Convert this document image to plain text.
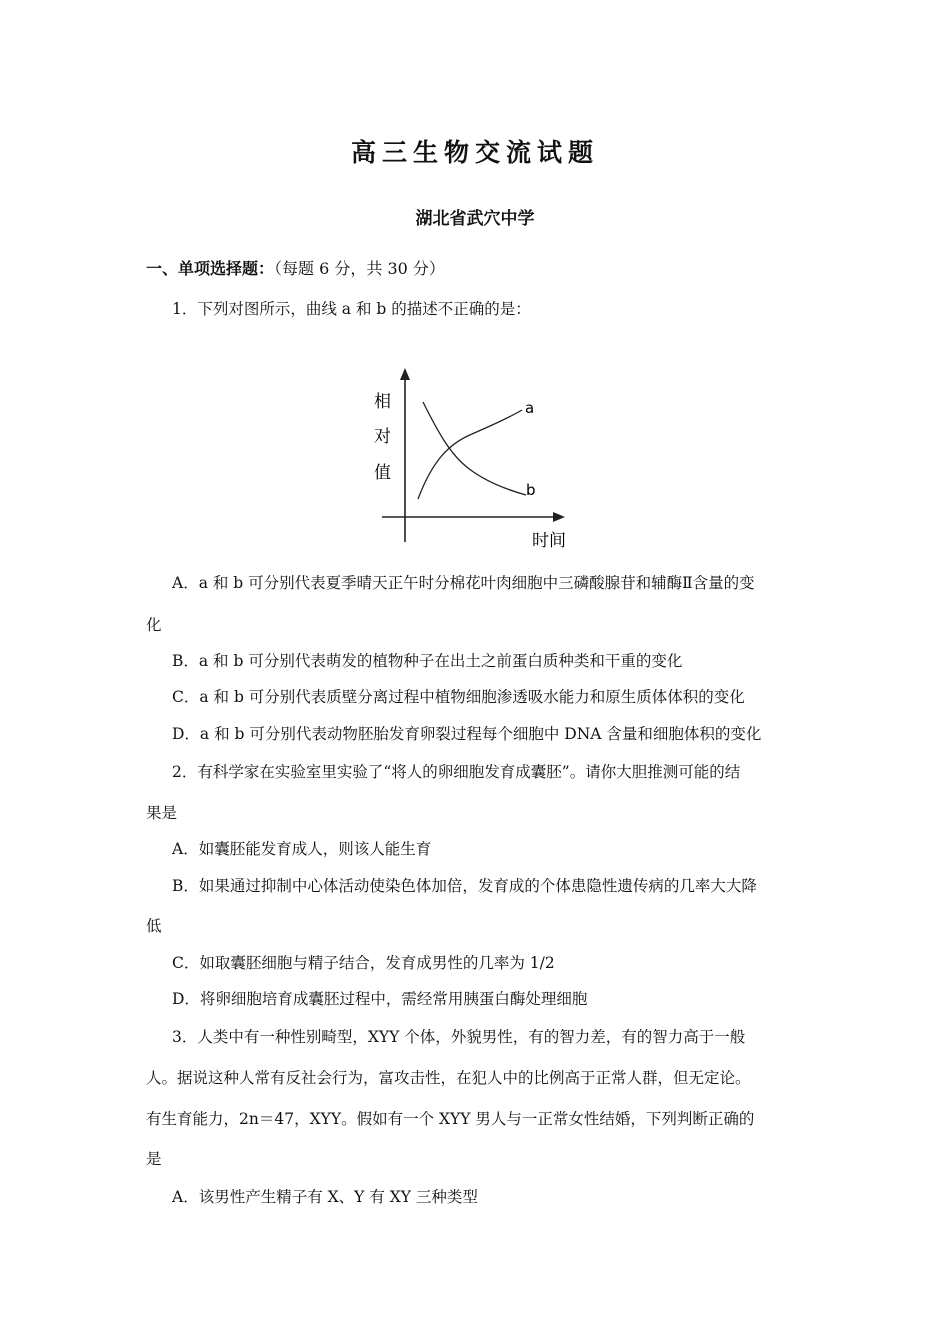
高三生物交流试题
湖北省武穴中学
一、单项选择题：（每题 6 分，共 30 分）
1．下列对图所示，曲线 a 和 b 的描述不正确的是：
相
对
值
时间
a
b
A．a 和 b 可分别代表夏季晴天正午时分棉花叶肉细胞中三磷酸腺苷和辅酶Ⅱ含量的变
化
B．a 和 b 可分别代表萌发的植物种子在出土之前蛋白质种类和干重的变化
C．a 和 b 可分别代表质壁分离过程中植物细胞渗透吸水能力和原生质体体积的变化
D．a 和 b 可分别代表动物胚胎发育卵裂过程每个细胞中 DNA 含量和细胞体积的变化
2．有科学家在实验室里实验了“将人的卵细胞发育成囊胚”。请你大胆推测可能的结
果是
A．如囊胚能发育成人，则该人能生育
B．如果通过抑制中心体活动使染色体加倍，发育成的个体患隐性遗传病的几率大大降
低
C．如取囊胚细胞与精子结合，发育成男性的几率为 1/2
D．将卵细胞培育成囊胚过程中，需经常用胰蛋白酶处理细胞
3．人类中有一种性别畸型，XYY 个体，外貌男性，有的智力差，有的智力高于一般
人。据说这种人常有反社会行为，富攻击性，在犯人中的比例高于正常人群，但无定论。
有生育能力，2n＝47，XYY。假如有一个 XYY 男人与一正常女性结婚，下列判断正确的
是
A．该男性产生精子有 X、Y 有 XY 三种类型
